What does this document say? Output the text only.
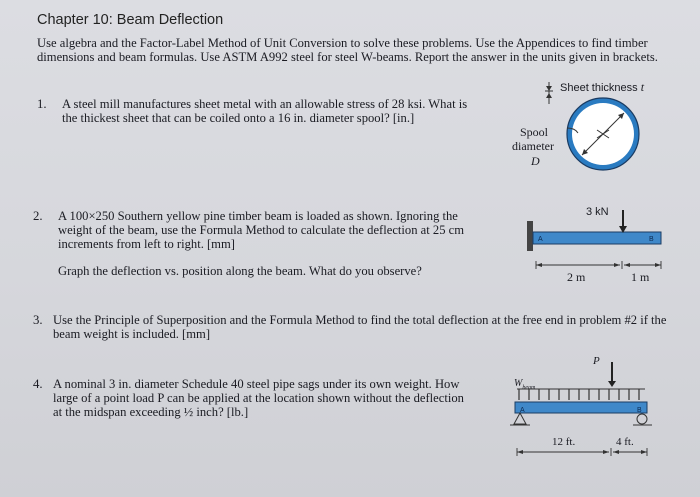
Chapter 10: Beam Deflection
Use algebra and the Factor-Label Method of Unit Conversion to solve these problems. Use the Appendices to find timber dimensions and beam formulas. Use ASTM A992 steel for steel W-beams. Report the answer in the units given in brackets.
1. A steel mill manufactures sheet metal with an allowable stress of 28 ksi. What is the thickest sheet that can be coiled onto a 16 in. diameter spool? [in.]
2. A 100×250 Southern yellow pine timber beam is loaded as shown. Ignoring the weight of the beam, use the Formula Method to calculate the deflection at 25 cm increments from left to right. [mm]
Graph the deflection vs. position along the beam. What do you observe?
3. Use the Principle of Superposition and the Formula Method to find the total deflection at the free end in problem #2 if the beam weight is included. [mm]
4. A nominal 3 in. diameter Schedule 40 steel pipe sags under its own weight. How large of a point load P can be applied at the location shown without the deflection at the midspan exceeding ½ inch? [lb.]
Sheet thickness t
Spool
diameter
D
3 kN
A	B
2 m	1 m
P
$W_{beam}$
A	B
12 ft.	4 ft.
